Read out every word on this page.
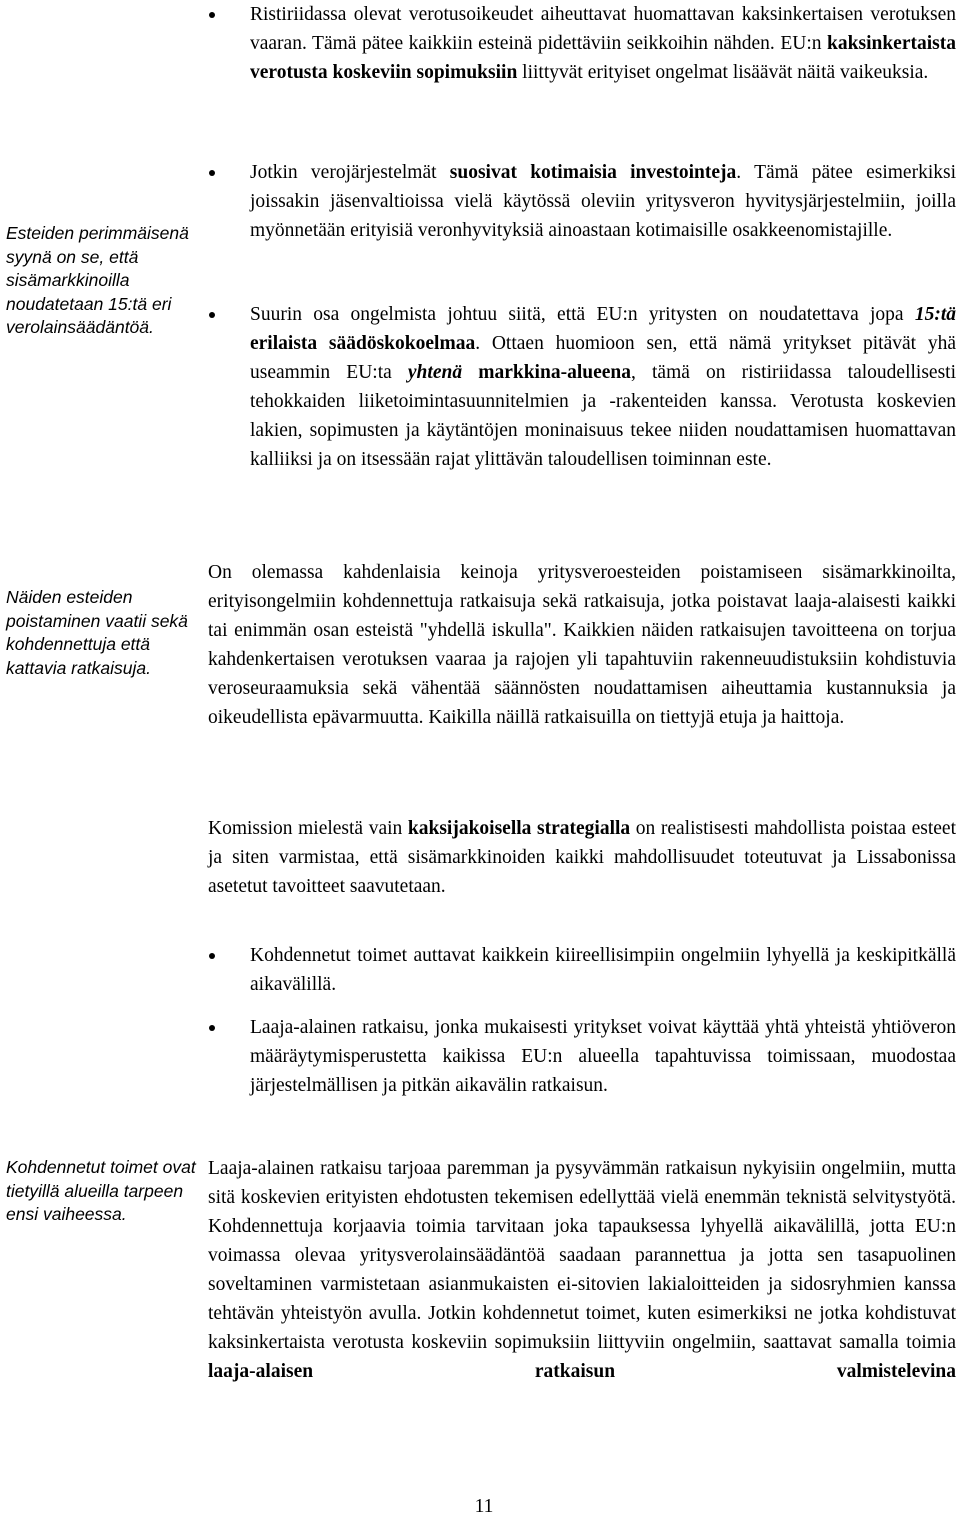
Esteiden perimmäisenä syynä on se, että sisämarkkinoilla noudatetaan 15:tä eri verolainsäädäntöä.
Näiden esteiden poistaminen vaatii sekä kohdennettuja että kattavia ratkaisuja.
Kohdennetut toimet ovat tietyillä alueilla tarpeen ensi vaiheessa.
Ristiriidassa olevat verotusoikeudet aiheuttavat huomattavan kaksinkertaisen verotuksen vaaran. Tämä pätee kaikkiin esteinä pidettäviin seikkoihin nähden. EU:n kaksinkertaista verotusta koskeviin sopimuksiin liittyvät erityiset ongelmat lisäävät näitä vaikeuksia.
Jotkin verojärjestelmät suosivat kotimaisia investointeja. Tämä pätee esimerkiksi joissakin jäsenvaltioissa vielä käytössä oleviin yritysveron hyvitysjärjestelmiin, joilla myönnetään erityisiä veronhyvityksiä ainoastaan kotimaisille osakkeenomistajille.
Suurin osa ongelmista johtuu siitä, että EU:n yritysten on noudatettava jopa 15:tä erilaista säädöskokoelmaa. Ottaen huomioon sen, että nämä yritykset pitävät yhä useammin EU:ta yhtenä markkina-alueena, tämä on ristiriidassa taloudellisesti tehokkaiden liiketoimintasuunnitelmien ja -rakenteiden kanssa. Verotusta koskevien lakien, sopimusten ja käytäntöjen moninaisuus tekee niiden noudattamisen huomattavan kalliiksi ja on itsessään rajat ylittävän taloudellisen toiminnan este.
On olemassa kahdenlaisia keinoja yritysveroesteiden poistamiseen sisämarkkinoilta, erityisongelmiin kohdennettuja ratkaisuja sekä ratkaisuja, jotka poistavat laaja-alaisesti kaikki tai enimmän osan esteistä "yhdellä iskulla". Kaikkien näiden ratkaisujen tavoitteena on torjua kahdenkertaisen verotuksen vaaraa ja rajojen yli tapahtuviin rakenneuudistuksiin kohdistuvia veroseuraamuksia sekä vähentää säännösten noudattamisen aiheuttamia kustannuksia ja oikeudellista epävarmuutta. Kaikilla näillä ratkaisuilla on tiettyjä etuja ja haittoja.
Komission mielestä vain kaksijakoisella strategialla on realistisesti mahdollista poistaa esteet ja siten varmistaa, että sisämarkkinoiden kaikki mahdollisuudet toteutuvat ja Lissabonissa asetetut tavoitteet saavutetaan.
Kohdennetut toimet auttavat kaikkein kiireellisimpiin ongelmiin lyhyellä ja keskipitkällä aikavälillä.
Laaja-alainen ratkaisu, jonka mukaisesti yritykset voivat käyttää yhtä yhteistä yhtiöveron määräytymisperustetta kaikissa EU:n alueella tapahtuvissa toimissaan, muodostaa järjestelmällisen ja pitkän aikavälin ratkaisun.
Laaja-alainen ratkaisu tarjoaa paremman ja pysyvämmän ratkaisun nykyisiin ongelmiin, mutta sitä koskevien erityisten ehdotusten tekemisen edellyttää vielä enemmän teknistä selvitystyötä. Kohdennettuja korjaavia toimia tarvitaan joka tapauksessa lyhyellä aikavälillä, jotta EU:n voimassa olevaa yritysverolainsäädäntöä saadaan parannettua ja jotta sen tasapuolinen soveltaminen varmistetaan asianmukaisten ei-sitovien lakialoitteiden ja sidosryhmien kanssa tehtävän yhteistyön avulla. Jotkin kohdennetut toimet, kuten esimerkiksi ne jotka kohdistuvat kaksinkertaista verotusta koskeviin sopimuksiin liittyviin ongelmiin, saattavat samalla toimia laaja-alaisen ratkaisun valmistelevina
11
